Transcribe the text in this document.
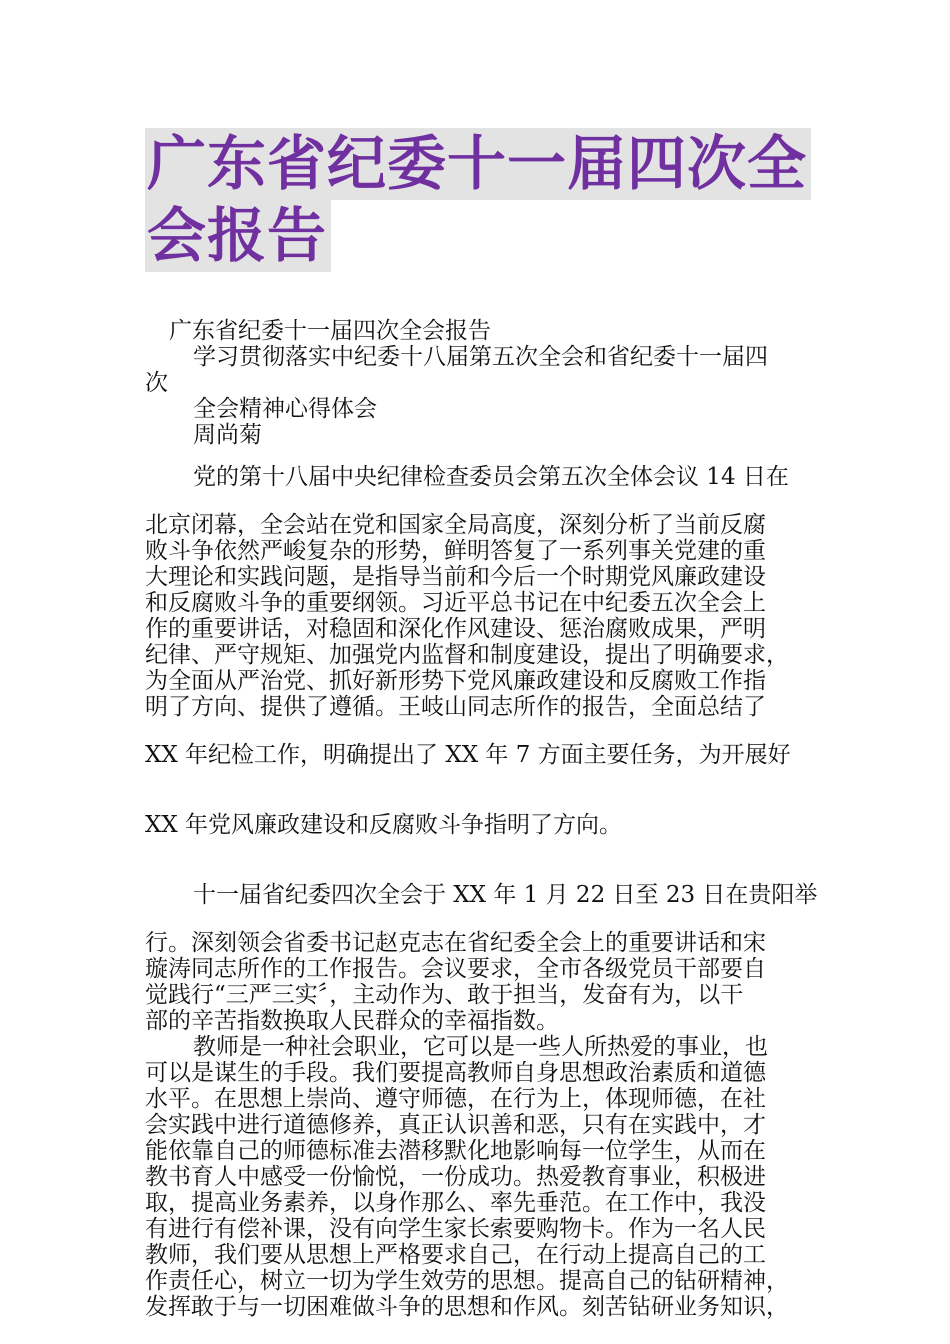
广东省纪委十一届四次全
会报告
广东省纪委十一届四次全会报告
学习贯彻落实中纪委十八届第五次全会和省纪委十一届四
次
全会精神心得体会
周尚菊
党的第十八届中央纪律检查委员会第五次全体会议 14 日在
北京闭幕，全会站在党和国家全局高度，深刻分析了当前反腐
败斗争依然严峻复杂的形势，鲜明答复了一系列事关党建的重
大理论和实践问题，是指导当前和今后一个时期党风廉政建设
和反腐败斗争的重要纲领。习近平总书记在中纪委五次全会上
作的重要讲话，对稳固和深化作风建设、惩治腐败成果，严明
纪律、严守规矩、加强党内监督和制度建设，提出了明确要求，
为全面从严治党、抓好新形势下党风廉政建设和反腐败工作指
明了方向、提供了遵循。王岐山同志所作的报告，全面总结了
XX 年纪检工作，明确提出了 XX 年 7 方面主要任务，为开展好
XX 年党风廉政建设和反腐败斗争指明了方向。
十一届省纪委四次全会于 XX 年 1 月 22 日至 23 日在贵阳举
行。深刻领会省委书记赵克志在省纪委全会上的重要讲话和宋
璇涛同志所作的工作报告。会议要求，全市各级党员干部要自
觉践行“三严三实〞，主动作为、敢于担当，发奋有为，以干
部的辛苦指数换取人民群众的幸福指数。
教师是一种社会职业，它可以是一些人所热爱的事业，也
可以是谋生的手段。我们要提高教师自身思想政治素质和道德
水平。在思想上崇尚、遵守师德，在行为上，体现师德，在社
会实践中进行道德修养，真正认识善和恶，只有在实践中，才
能依靠自己的师德标准去潜移默化地影响每一位学生，从而在
教书育人中感受一份愉悦，一份成功。热爱教育事业，积极进
取，提高业务素养，以身作那么、率先垂范。在工作中，我没
有进行有偿补课，没有向学生家长索要购物卡。作为一名人民
教师，我们要从思想上严格要求自己，在行动上提高自己的工
作责任心，树立一切为学生效劳的思想。提高自己的钻研精神，
发挥敢于与一切困难做斗争的思想和作风。刻苦钻研业务知识，
